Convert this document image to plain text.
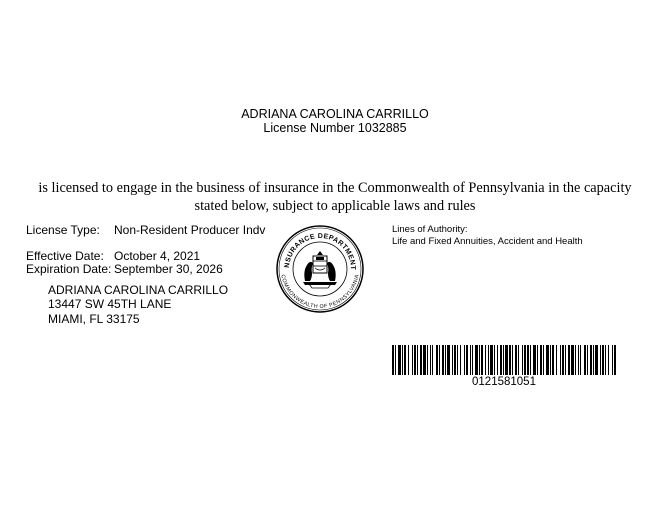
ADRIANA CAROLINA CARRILLO
License Number 1032885
is licensed to engage in the business of insurance in the Commonwealth of Pennsylvania in the capacity stated below, subject to applicable laws and rules
License Type: Non-Resident Producer Indv
Effective Date: October 4, 2021
Expiration Date: September 30, 2026
ADRIANA CAROLINA CARRILLO
13447 SW 45TH LANE
MIAMI, FL 33175
NSURANCE DEPARTMENT
COMMONWEALTH OF PENNSYLVANIA
Lines of Authority:
Life and Fixed Annuities, Accident and Health
0121581051
